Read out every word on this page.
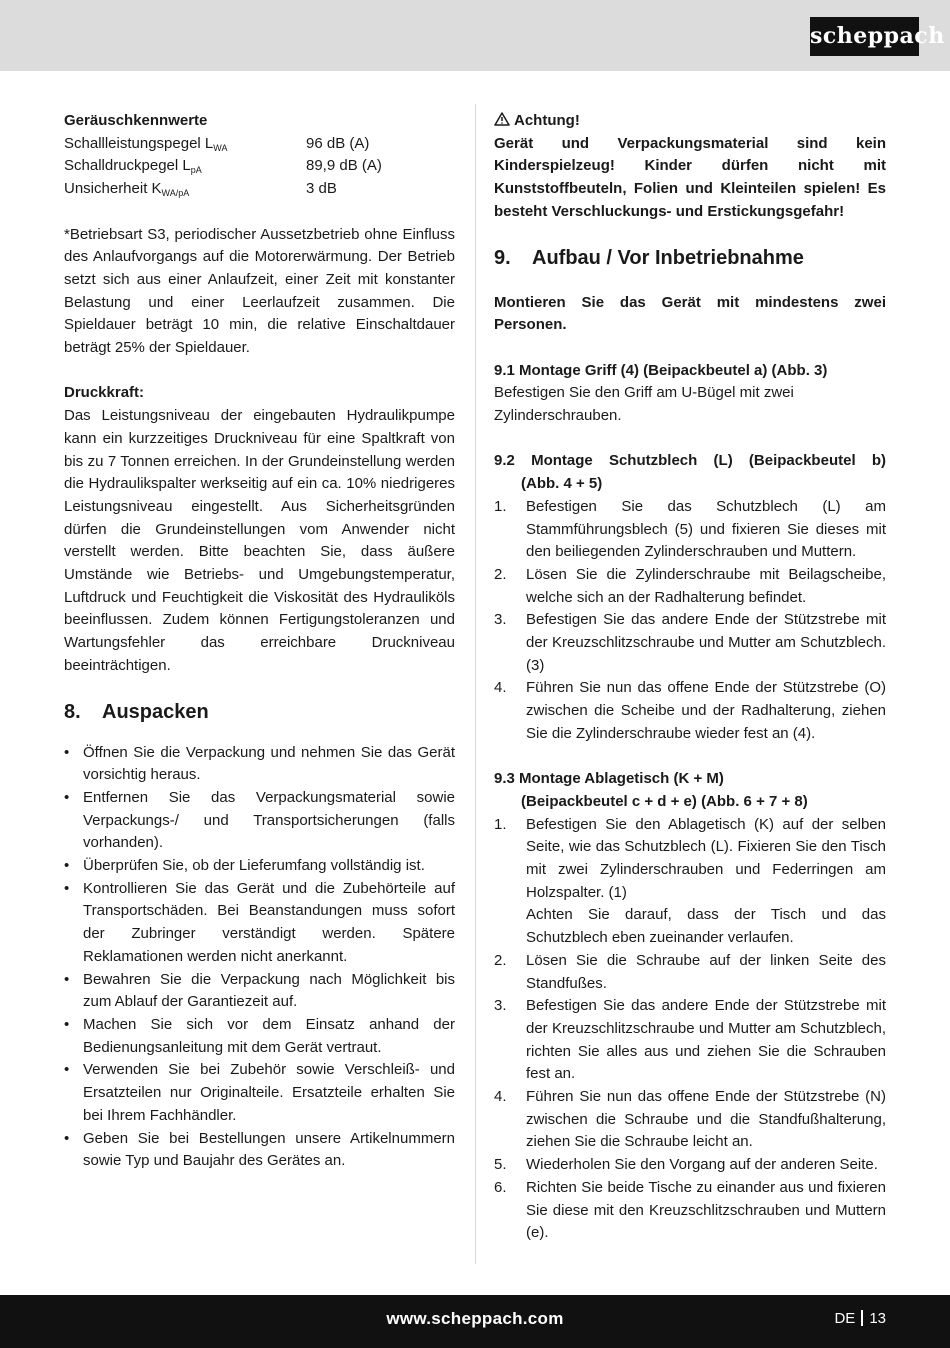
scheppach

Geräuschkennwerte

Schallleistungspegel $L_{WA}$	96 dB (A)
Schalldruckpegel $L_{pA}$	89,9 dB (A)
Unsicherheit $K_{WA/pA}$	3 dB

*Betriebsart S3, periodischer Aussetzbetrieb ohne Einfluss des Anlaufvorgangs auf die Motorerwärmung. Der Betrieb setzt sich aus einer Anlaufzeit, einer Zeit mit konstanter Belastung und einer Leerlaufzeit zusammen. Die Spieldauer beträgt 10 min, die relative Einschaltdauer beträgt 25% der Spieldauer.

Druckkraft:

Das Leistungsniveau der eingebauten Hydraulikpumpe kann ein kurzzeitiges Druckniveau für eine Spaltkraft von bis zu 7 Tonnen erreichen. In der Grundeinstellung werden die Hydraulikspalter werkseitig auf ein ca. 10% niedrigeres Leistungsniveau eingestellt. Aus Sicherheitsgründen dürfen die Grundeinstellungen vom Anwender nicht verstellt werden. Bitte beachten Sie, dass äußere Umstände wie Betriebs- und Umgebungstemperatur, Luftdruck und Feuchtigkeit die Viskosität des Hydrauliköls beeinflussen. Zudem können Fertigungstoleranzen und Wartungsfehler das erreichbare Druckniveau beeinträchtigen.

8. Auspacken
• Öffnen Sie die Verpackung und nehmen Sie das Gerät vorsichtig heraus.
• Entfernen Sie das Verpackungsmaterial sowie Verpackungs-/ und Transportsicherungen (falls vorhanden).
• Überprüfen Sie, ob der Lieferumfang vollständig ist.
• Kontrollieren Sie das Gerät und die Zubehörteile auf Transportschäden. Bei Beanstandungen muss sofort der Zubringer verständigt werden. Spätere Reklamationen werden nicht anerkannt.
• Bewahren Sie die Verpackung nach Möglichkeit bis zum Ablauf der Garantiezeit auf.
• Machen Sie sich vor dem Einsatz anhand der Bedienungsanleitung mit dem Gerät vertraut.
• Verwenden Sie bei Zubehör sowie Verschleiß- und Ersatzteilen nur Originalteile. Ersatzteile erhalten Sie bei Ihrem Fachhändler.
• Geben Sie bei Bestellungen unsere Artikelnummern sowie Typ und Baujahr des Gerätes an.

Achtung!

Gerät und Verpackungsmaterial sind kein Kinderspielzeug! Kinder dürfen nicht mit Kunststoffbeuteln, Folien und Kleinteilen spielen! Es besteht Verschluckungs- und Erstickungsgefahr!

9. Aufbau / Vor Inbetriebnahme

Montieren Sie das Gerät mit mindestens zwei Personen.

9.1 Montage Griff (4) (Beipackbeutel a) (Abb. 3)

Befestigen Sie den Griff am U-Bügel mit zwei Zylinderschrauben.

9.2 Montage Schutzblech (L) (Beipackbeutel b)

(Abb. 4 + 5)

1.	Befestigen Sie das Schutzblech (L) am Stammführungsblech (5) und fixieren Sie dieses mit den beiliegenden Zylinderschrauben und Muttern.
2.	Lösen Sie die Zylinderschraube mit Beilagscheibe, welche sich an der Radhalterung befindet.
3.	Befestigen Sie das andere Ende der Stützstrebe mit der Kreuzschlitzschraube und Mutter am Schutzblech. (3)
4.	Führen Sie nun das offene Ende der Stützstrebe (O) zwischen die Scheibe und der Radhalterung, ziehen Sie die Zylinderschraube wieder fest an (4).

9.3 Montage Ablagetisch (K + M)

(Beipackbeutel c + d + e) (Abb. 6 + 7 + 8)

1.	Befestigen Sie den Ablagetisch (K) auf der selben Seite, wie das Schutzblech (L). Fixieren Sie den Tisch mit zwei Zylinderschrauben und Federringen am Holzspalter. (1)
Achten Sie darauf, dass der Tisch und das Schutzblech eben zueinander verlaufen.
2.	Lösen Sie die Schraube auf der linken Seite des Standfußes.
3.	Befestigen Sie das andere Ende der Stützstrebe mit der Kreuzschlitzschraube und Mutter am Schutzblech, richten Sie alles aus und ziehen Sie die Schrauben fest an.
4.	Führen Sie nun das offene Ende der Stützstrebe (N) zwischen die Schraube und die Standfußhalterung, ziehen Sie die Schraube leicht an.
5.	Wiederholen Sie den Vorgang auf der anderen Seite.
6.	Richten Sie beide Tische zu einander aus und fixieren Sie diese mit den Kreuzschlitzschrauben und Muttern (e).
www.scheppach.com	DE 13
